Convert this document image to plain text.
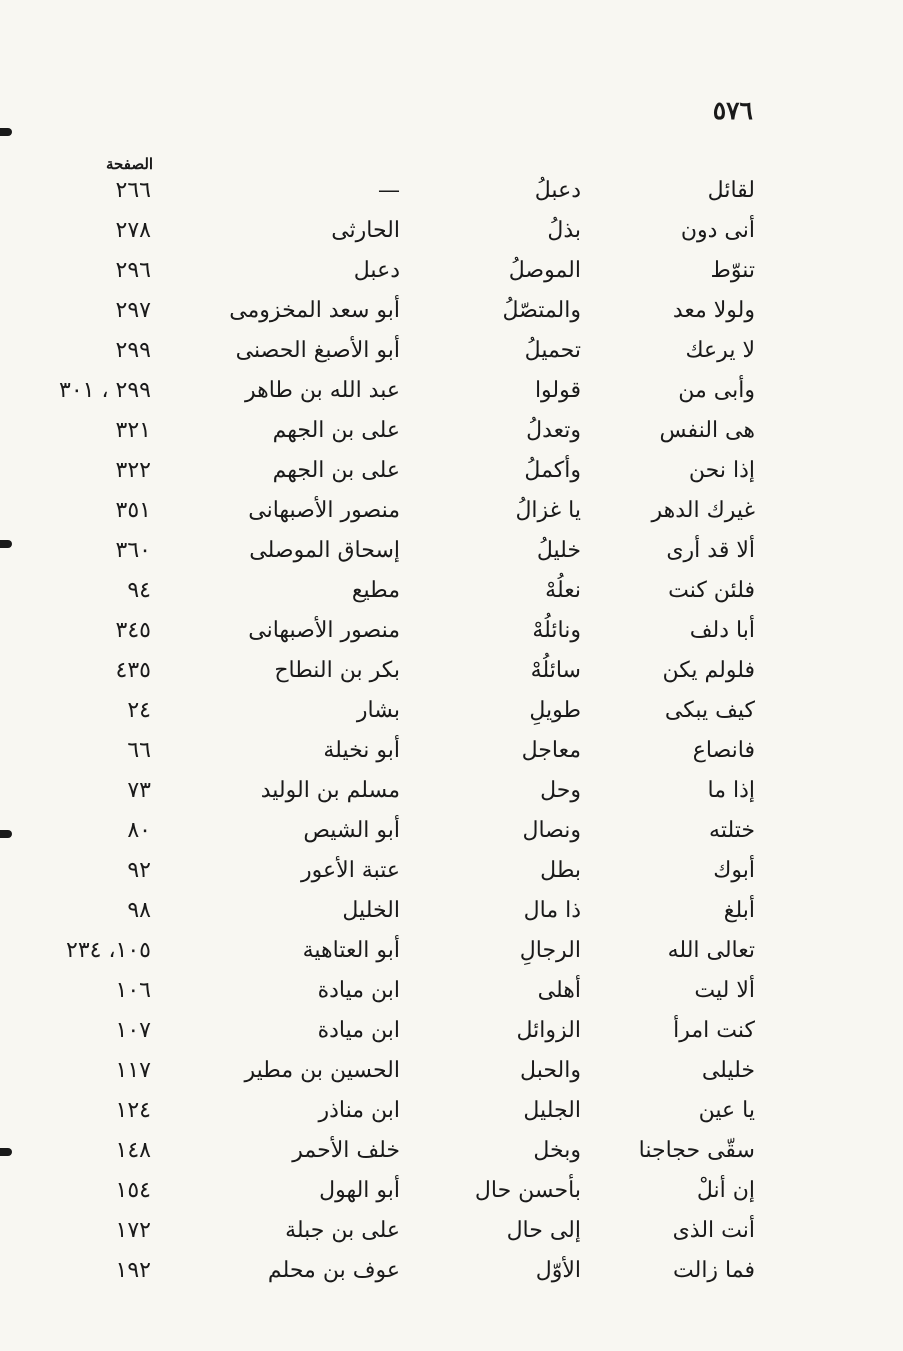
٥٧٦
الصفحة
لقائل
دعبلُ
—
٢٦٦
أنى دون
بذلُ
الحارثى
٢٧٨
تنوّط
الموصلُ
دعبل
٢٩٦
ولولا معد
والمتصّلُ
أبو سعد المخزومى
٢٩٧
لا يرعك
تحميلُ
أبو الأصبغ الحصنى
٢٩٩
وأبى من
قولوا
عبد الله بن طاهر
٢٩٩ ، ٣٠١
هى النفس
وتعدلُ
على بن الجهم
٣٢١
إذا نحن
وأكملُ
على بن الجهم
٣٢٢
غيرك الدهر
يا غزالُ
منصور الأصبهانى
٣٥١
ألا قد أرى
خليلُ
إسحاق الموصلى
٣٦٠
فلئن كنت
نعلُهْ
مطيع
٩٤
أبا دلف
ونائلُهْ
منصور الأصبهانى
٣٤٥
فلولم يكن
سائلُهْ
بكر بن النطاح
٤٣٥
كيف يبكى
طويلِ
بشار
٢٤
فانصاع
معاجل
أبو نخيلة
٦٦
إذا ما
وحل
مسلم بن الوليد
٧٣
ختلته
ونصال
أبو الشيص
٨٠
أبوك
بطل
عتبة الأعور
٩٢
أبلغ
ذا مال
الخليل
٩٨
تعالى الله
الرجالِ
أبو العتاهية
١٠٥، ٢٣٤
ألا ليت
أهلى
ابن ميادة
١٠٦
كنت امرأ
الزوائل
ابن ميادة
١٠٧
خليلى
والحبل
الحسين بن مطير
١١٧
يا عين
الجليل
ابن مناذر
١٢٤
سقّى حجاجنا
وبخل
خلف الأحمر
١٤٨
إن أنلْ
بأحسن حال
أبو الهول
١٥٤
أنت الذى
إلى حال
على بن جبلة
١٧٢
فما زالت
الأوّل
عوف بن محلم
١٩٢
